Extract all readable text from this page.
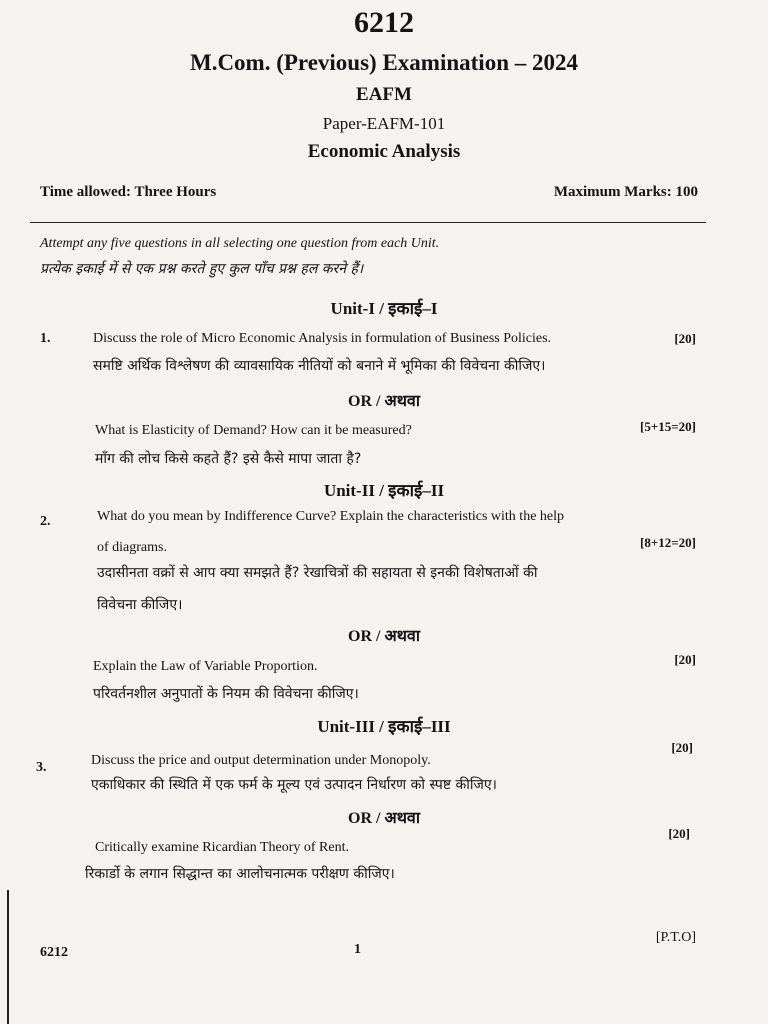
6212
M.Com. (Previous) Examination – 2024
EAFM
Paper-EAFM-101
Economic Analysis
Time allowed: Three Hours	Maximum Marks: 100
Attempt any five questions in all selecting one question from each Unit.
प्रत्येक इकाई में से एक प्रश्न करते हुए कुल पाँच प्रश्न हल करने हैं।
Unit-I / इकाई–I
1.	Discuss the role of Micro Economic Analysis in formulation of Business Policies.	[20]
समष्टि अर्थिक विश्लेषण की व्यावसायिक नीतियों को बनाने में भूमिका की विवेचना कीजिए।
OR / अथवा
What is Elasticity of Demand? How can it be measured?	[5+15=20]
माँग की लोच किसे कहते हैं? इसे कैसे मापा जाता है?
Unit-II / इकाई–II
2.	What do you mean by Indifference Curve? Explain the characteristics with the help
of diagrams.	[8+12=20]
उदासीनता वक्रों से आप क्या समझते हैं? रेखाचित्रों की सहायता से इनकी विशेषताओं की
विवेचना कीजिए।
OR / अथवा
Explain the Law of Variable Proportion.	[20]
परिवर्तनशील अनुपातों के नियम की विवेचना कीजिए।
Unit-III / इकाई–III
3.	Discuss the price and output determination under Monopoly.
[20]
एकाधिकार की स्थिति में एक फर्म के मूल्य एवं उत्पादन निर्धारण को स्पष्ट कीजिए।
OR / अथवा
Critically examine Ricardian Theory of Rent.
[20]
रिकार्डो के लगान सिद्धान्त का आलोचनात्मक परीक्षण कीजिए।
6212	1
[P.T.O]
